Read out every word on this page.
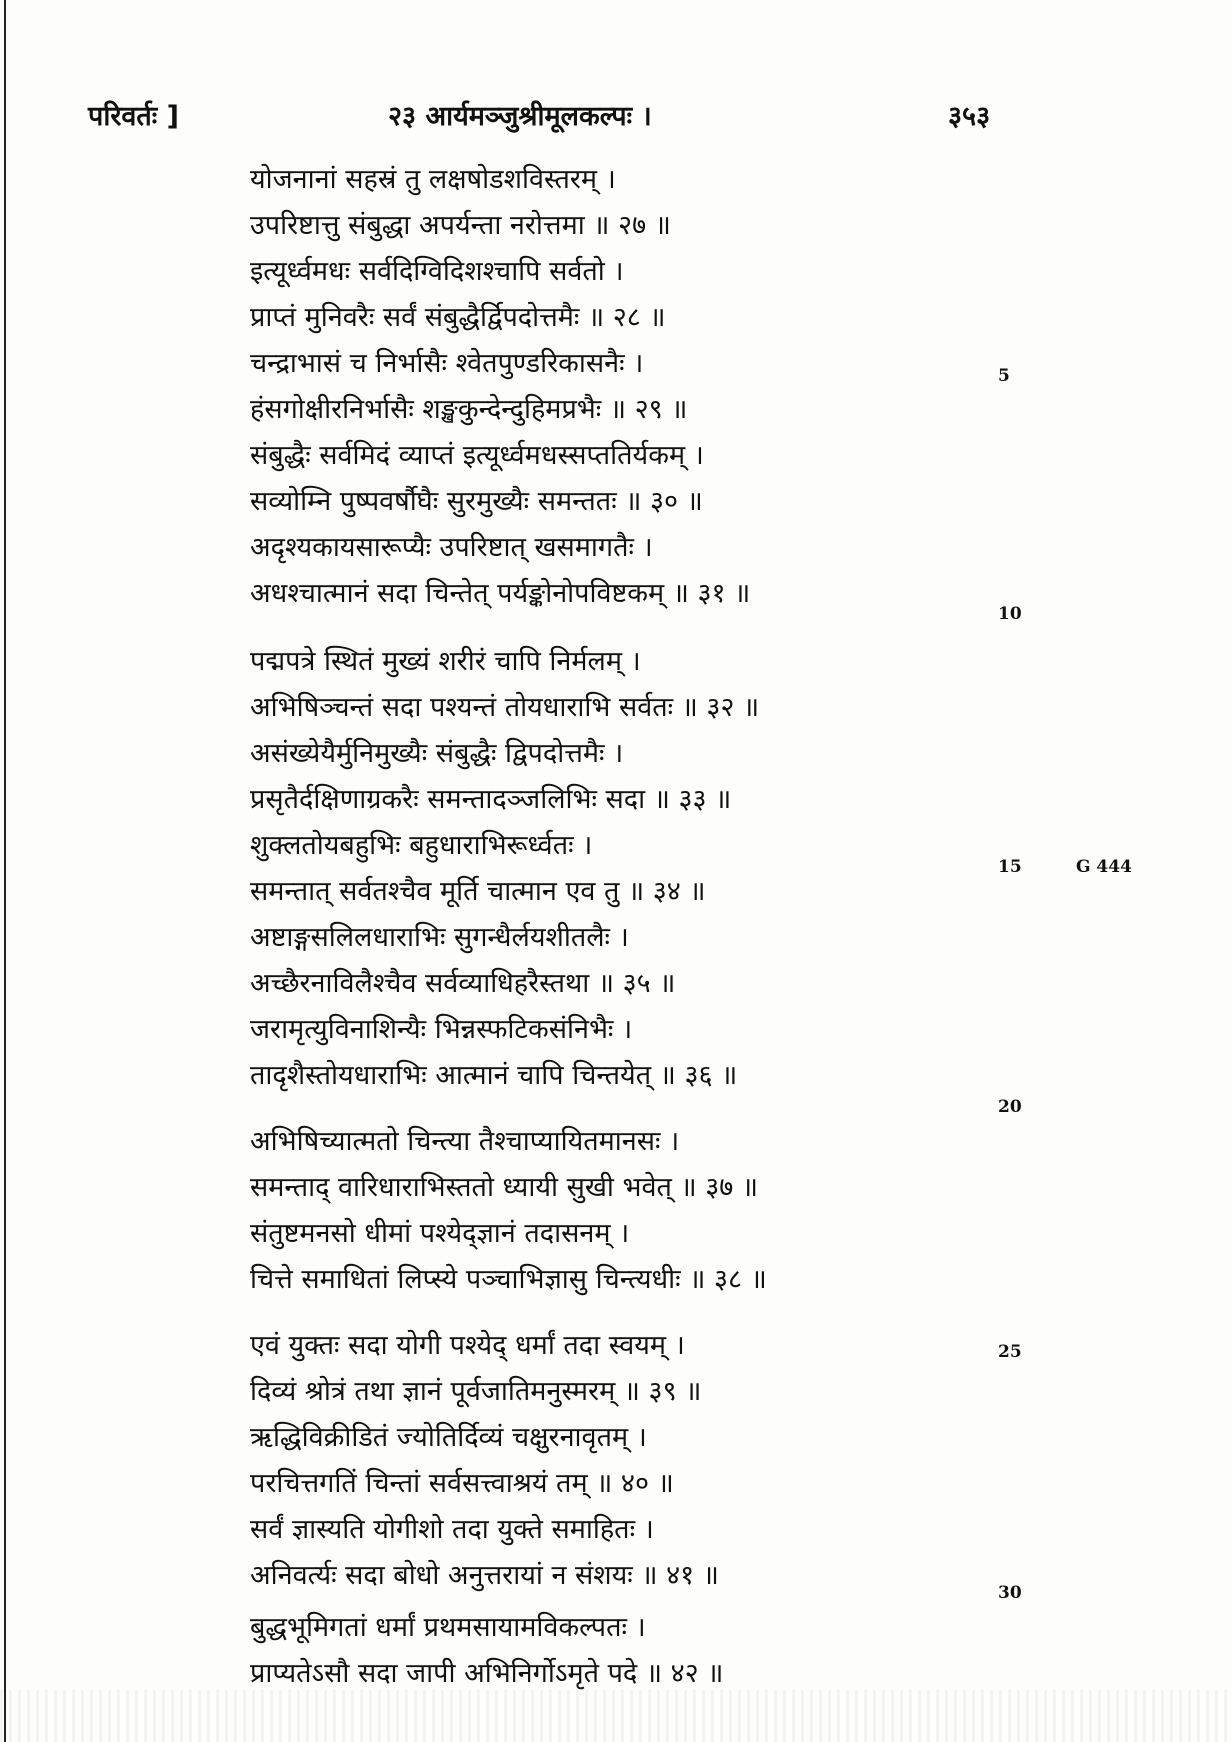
परिवर्तः ]	२३ आर्यमञ्जुश्रीमूलकल्पः ।	३५३
योजनानां सहस्रं तु लक्षषोडशविस्तरम् ।
उपरिष्टात्तु संबुद्धा अपर्यन्ता नरोत्तमा ॥ २७ ॥
इत्यूर्ध्वमधः सर्वदिग्विदिशश्चापि सर्वतो ।
प्राप्तं मुनिवरैः सर्वं संबुद्धैर्द्विपदोत्तमैः ॥ २८ ॥
चन्द्राभासं च निर्भासैः श्वेतपुण्डरिकासनैः ।
हंसगोक्षीरनिर्भासैः शङ्खकुन्देन्दुहिमप्रभैः ॥ २९ ॥
संबुद्धैः सर्वमिदं व्याप्तं इत्यूर्ध्वमधस्सप्ततिर्यकम् ।
सव्योम्नि पुष्पवर्षौघैः सुरमुख्यैः समन्ततः ॥ ३० ॥
अदृश्यकायसारूप्यैः उपरिष्टात् खसमागतैः ।
अधश्चात्मानं सदा चिन्तेत् पर्यङ्कोनोपविष्टकम् ॥ ३१ ॥
पद्मपत्रे स्थितं मुख्यं शरीरं चापि निर्मलम् ।
अभिषिञ्चन्तं सदा पश्यन्तं तोयधाराभि सर्वतः ॥ ३२ ॥
असंख्येयैर्मुनिमुख्यैः संबुद्धैः द्विपदोत्तमैः ।
प्रसृतैर्दक्षिणाग्रकरैः समन्तादञ्जलिभिः सदा ॥ ३३ ॥
शुक्लतोयबहुभिः बहुधाराभिरूर्ध्वतः ।
समन्तात् सर्वतश्चैव मूर्ति चात्मान एव तु ॥ ३४ ॥
अष्टाङ्गसलिलधाराभिः सुगन्धैर्लयशीतलैः ।
अच्छैरनाविलैश्चैव सर्वव्याधिहरैस्तथा ॥ ३५ ॥
जरामृत्युविनाशिन्यैः भिन्नस्फटिकसंनिभैः ।
तादृशैस्तोयधाराभिः आत्मानं चापि चिन्तयेत् ॥ ३६ ॥
अभिषिच्यात्मतो चिन्त्या तैश्चाप्यायितमानसः ।
समन्ताद् वारिधाराभिस्ततो ध्यायी सुखी भवेत् ॥ ३७ ॥
संतुष्टमनसो धीमां पश्येद्ज्ञानं तदासनम् ।
चित्ते समाधितां लिप्स्ये पञ्चाभिज्ञासु चिन्त्यधीः ॥ ३८ ॥
एवं युक्तः सदा योगी पश्येद् धर्मां तदा स्वयम् ।
दिव्यं श्रोत्रं तथा ज्ञानं पूर्वजातिमनुस्मरम् ॥ ३९ ॥
ऋद्धिविक्रीडितं ज्योतिर्दिव्यं चक्षुरनावृतम् ।
परचित्तगतिं चिन्तां सर्वसत्त्वाश्रयं तम् ॥ ४० ॥
सर्वं ज्ञास्यति योगीशो तदा युक्ते समाहितः ।
अनिवर्त्यः सदा बोधो अनुत्तरायां न संशयः ॥ ४१ ॥
बुद्धभूमिगतां धर्मां प्रथमसायामविकल्पतः ।
प्राप्यतेऽसौ सदा जापी अभिनिर्गोऽमृते पदे ॥ ४२ ॥
5
10
15
20
25
30
G 444
